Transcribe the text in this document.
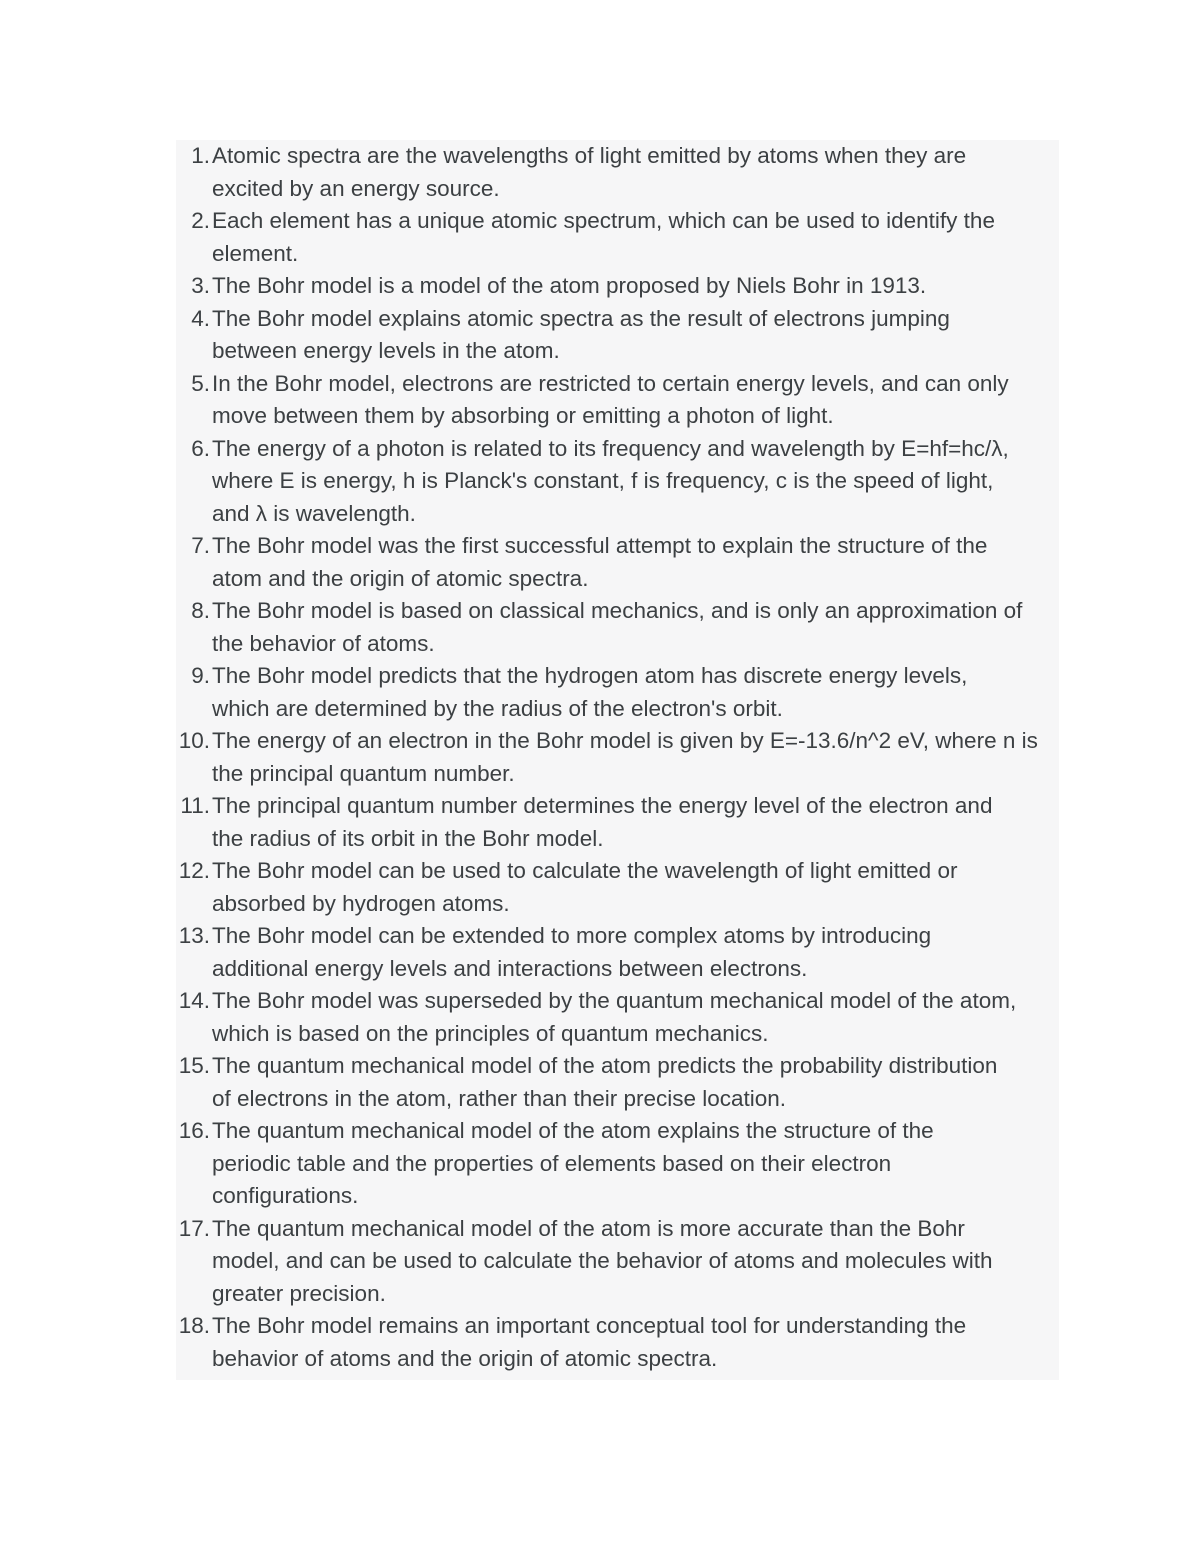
1. Atomic spectra are the wavelengths of light emitted by atoms when they are
excited by an energy source.
2. Each element has a unique atomic spectrum, which can be used to identify the
element.
3. The Bohr model is a model of the atom proposed by Niels Bohr in 1913.
4. The Bohr model explains atomic spectra as the result of electrons jumping
between energy levels in the atom.
5. In the Bohr model, electrons are restricted to certain energy levels, and can only
move between them by absorbing or emitting a photon of light.
6. The energy of a photon is related to its frequency and wavelength by E=hf=hc/λ,
where E is energy, h is Planck's constant, f is frequency, c is the speed of light,
and λ is wavelength.
7. The Bohr model was the first successful attempt to explain the structure of the
atom and the origin of atomic spectra.
8. The Bohr model is based on classical mechanics, and is only an approximation of
the behavior of atoms.
9. The Bohr model predicts that the hydrogen atom has discrete energy levels,
which are determined by the radius of the electron's orbit.
10. The energy of an electron in the Bohr model is given by E=-13.6/n^2 eV, where n is
the principal quantum number.
11. The principal quantum number determines the energy level of the electron and
the radius of its orbit in the Bohr model.
12. The Bohr model can be used to calculate the wavelength of light emitted or
absorbed by hydrogen atoms.
13. The Bohr model can be extended to more complex atoms by introducing
additional energy levels and interactions between electrons.
14. The Bohr model was superseded by the quantum mechanical model of the atom,
which is based on the principles of quantum mechanics.
15. The quantum mechanical model of the atom predicts the probability distribution
of electrons in the atom, rather than their precise location.
16. The quantum mechanical model of the atom explains the structure of the
periodic table and the properties of elements based on their electron
configurations.
17. The quantum mechanical model of the atom is more accurate than the Bohr
model, and can be used to calculate the behavior of atoms and molecules with
greater precision.
18. The Bohr model remains an important conceptual tool for understanding the
behavior of atoms and the origin of atomic spectra.
